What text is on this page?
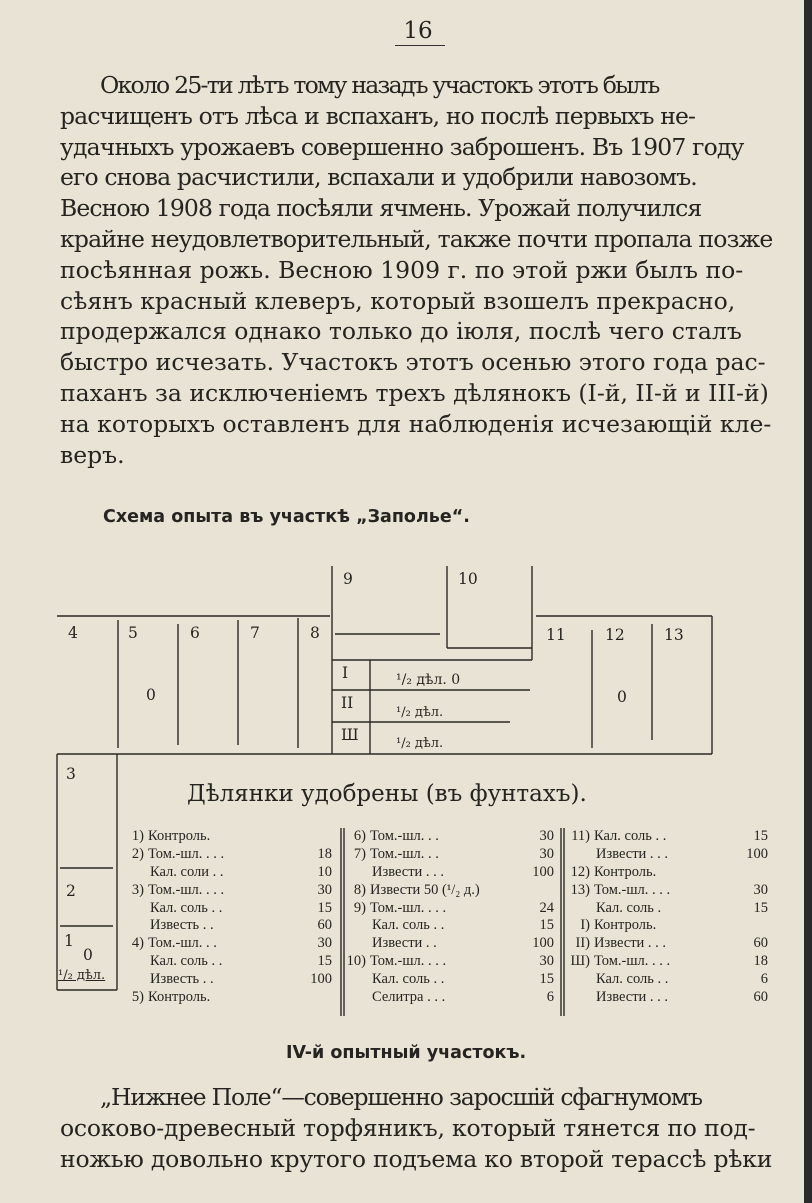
16
Около 25-ти лѣтъ тому назадъ участокъ этотъ былъ
расчищенъ отъ лѣса и вспаханъ, но послѣ первыхъ не-
удачныхъ урожаевъ совершенно заброшенъ. Въ 1907 году
его снова расчистили, вспахали и удобрили навозомъ.
Весною 1908 года посѣяли ячмень. Урожай получился
крайне неудовлетворительный, также почти пропала позже
посѣянная рожь. Весною 1909 г. по этой ржи былъ по-
сѣянъ красный клеверъ, который взошелъ прекрасно,
продержался однако только до іюля, послѣ чего сталъ
быстро исчезать. Участокъ этотъ осенью этого года рас-
паханъ за исключеніемъ трехъ дѣлянокъ (I-й, II-й и III-й)
на которыхъ оставленъ для наблюденія исчезающій кле-
веръ.
Схема опыта въ участкѣ „Заполье“.
4	5
0
6	7	8
9	10
11	12
0
13
I	¹/₂ дѣл. 0
II
¹/₂ дѣл.
Ш	¹/₂ дѣл.
3
2
1
0
¹/₂ дѣл.
Дѣлянки удобрены (въ фунтахъ).
1) Контроль.
2) Том.-шл. . . .	18
Кал. соли . .	10
3) Том.-шл. . . .	30
Кал. соль . .	15
Известь . .	60
4) Том.-шл. . .	30
Кал. соль . .	15
Известь . .	100
5) Контроль.
6) Том.-шл. . .	30
7) Том.-шл. . .	30
Извести . . .	100
8) Извести 50 (¹/₂ д.)
9) Том.-шл. . . .	24
Кал. соль . .	15
Извести . .	100
10) Том.-шл. . . .	30
Кал. соль . .	15
Селитра . . .	6
11) Кал. соль . .	15
Извести . . .	100
12) Контроль.
13) Том.-шл. . . .	30
Кал. соль .	15
I) Контроль.
II) Извести . . .	60
Ш) Том.-шл. . . .	18
Кал. соль . .	6
Извести . . .	60
IV-й опытный участокъ.
„Нижнее Поле“—совершенно заросшій сфагнумомъ
осоково-древесный торфяникъ, который тянется по под-
ножью довольно крутого подъема ко второй терассѣ рѣки
